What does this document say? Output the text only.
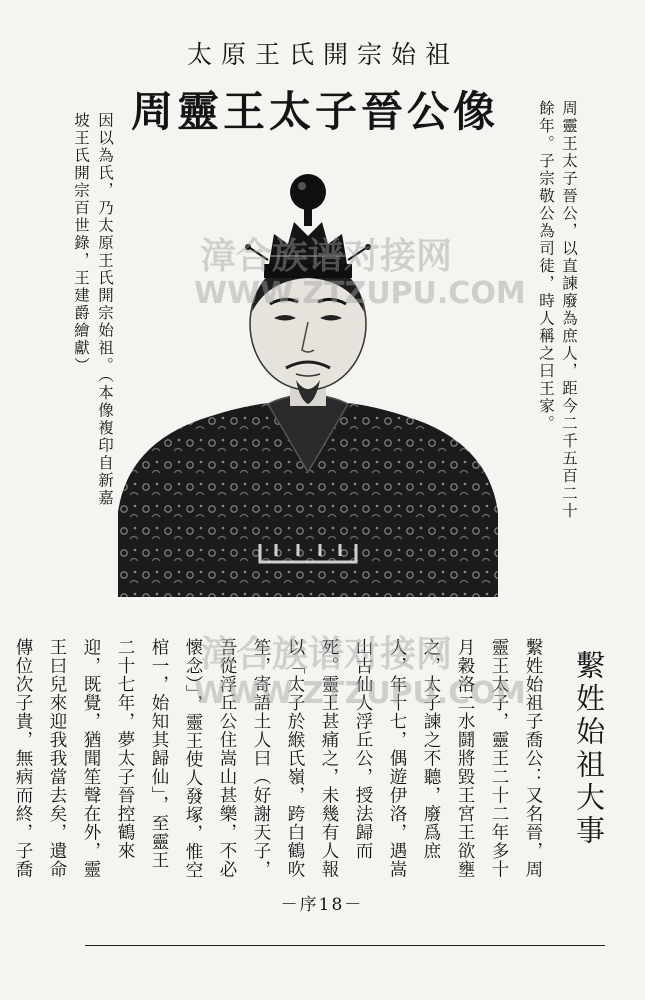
太原王氏開宗始祖
周靈王太子晉公像	周靈王太子晉公，以直諫廢為庶人，距今二千五百二十餘年。子宗敬公為司徒，時人稱之曰王家。
因以為氏，乃太原王氏開宗始祖。（本像複印自新嘉坡王氏開宗百世錄，王建爵繪獻）
繫姓始祖大事
繫姓始祖子喬公：又名晉，周靈王太子，靈王二十二年多十月穀洛二水鬪將毀王宮王欲壅之，太子諫之不聽，廢爲庶人，年十七，偶遊伊洛，遇嵩山古仙人浮丘公，授法歸而死。靈王甚痛之，未幾有人報以「太子於緱氏嶺，跨白鶴吹笙，寄語土人曰（好謝天子，吾從浮丘公住嵩山甚樂，不必懷念）」，靈王使人發塚，惟空棺一，始知其歸仙」，至靈王二十七年，夢太子晉控鶴來迎，既覺，猶聞笙聲在外，靈王曰兒來迎我我當去矣，遺命傳位次子貴，無病而終，子喬
漳合族谱对接网
WWW.ZTZUPU.COM
漳合族谱对接网
WWW.ZTZUPU.COM
－序18－
